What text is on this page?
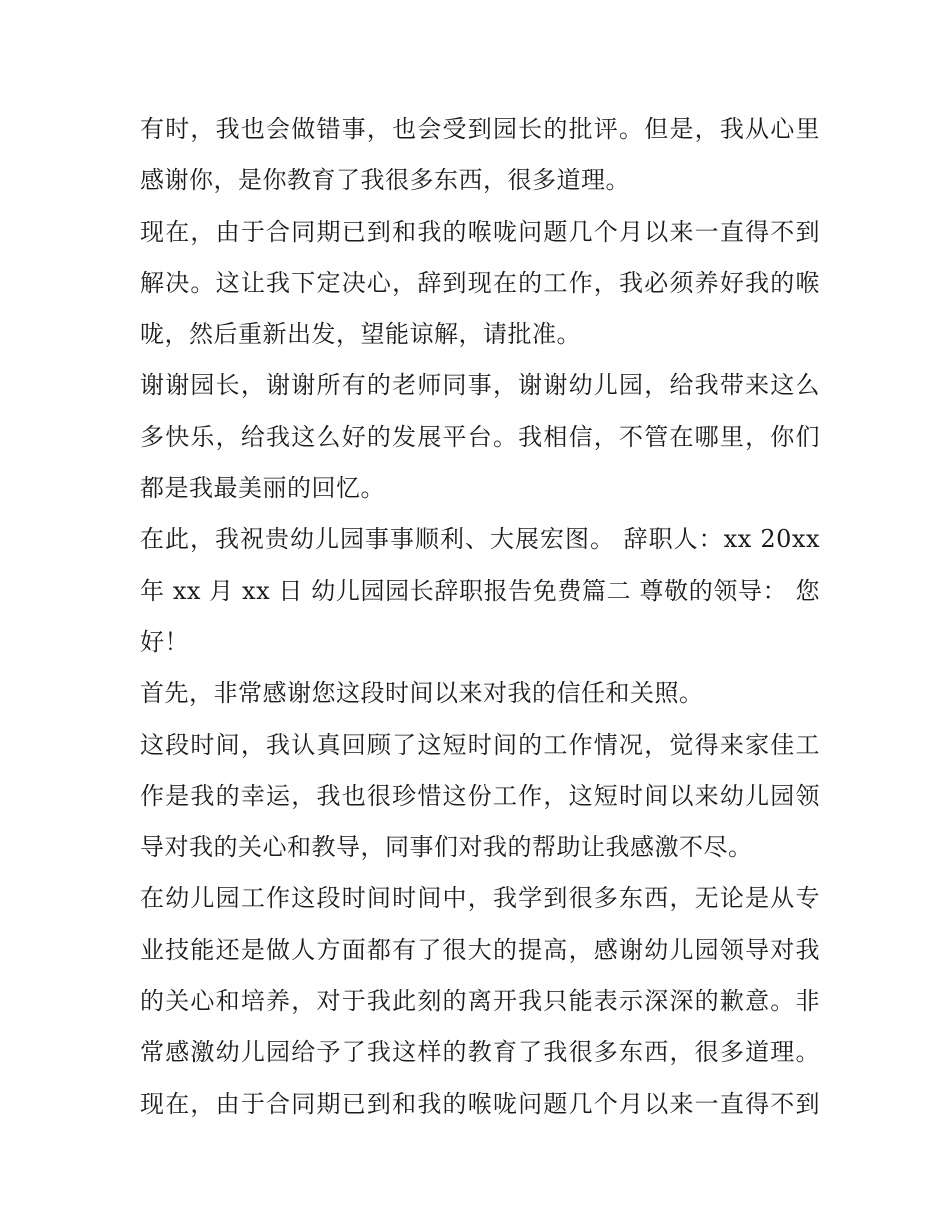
有时，我也会做错事，也会受到园长的批评。但是，我从心里
感谢你，是你教育了我很多东西，很多道理。
现在，由于合同期已到和我的喉咙问题几个月以来一直得不到
解决。这让我下定决心，辞到现在的工作，我必须养好我的喉
咙，然后重新出发，望能谅解，请批准。
谢谢园长，谢谢所有的老师同事，谢谢幼儿园，给我带来这么
多快乐，给我这么好的发展平台。我相信，不管在哪里，你们
都是我最美丽的回忆。
在此，我祝贵幼儿园事事顺利、大展宏图。 辞职人：xx 20xx
年 xx 月 xx 日 幼儿园园长辞职报告免费篇二 尊敬的领导： 您
好！
首先，非常感谢您这段时间以来对我的信任和关照。
这段时间，我认真回顾了这短时间的工作情况，觉得来家佳工
作是我的幸运，我也很珍惜这份工作，这短时间以来幼儿园领
导对我的关心和教导，同事们对我的帮助让我感激不尽。
在幼儿园工作这段时间时间中，我学到很多东西，无论是从专
业技能还是做人方面都有了很大的提高，感谢幼儿园领导对我
的关心和培养，对于我此刻的离开我只能表示深深的歉意。非
常感激幼儿园给予了我这样的教育了我很多东西，很多道理。
现在，由于合同期已到和我的喉咙问题几个月以来一直得不到
